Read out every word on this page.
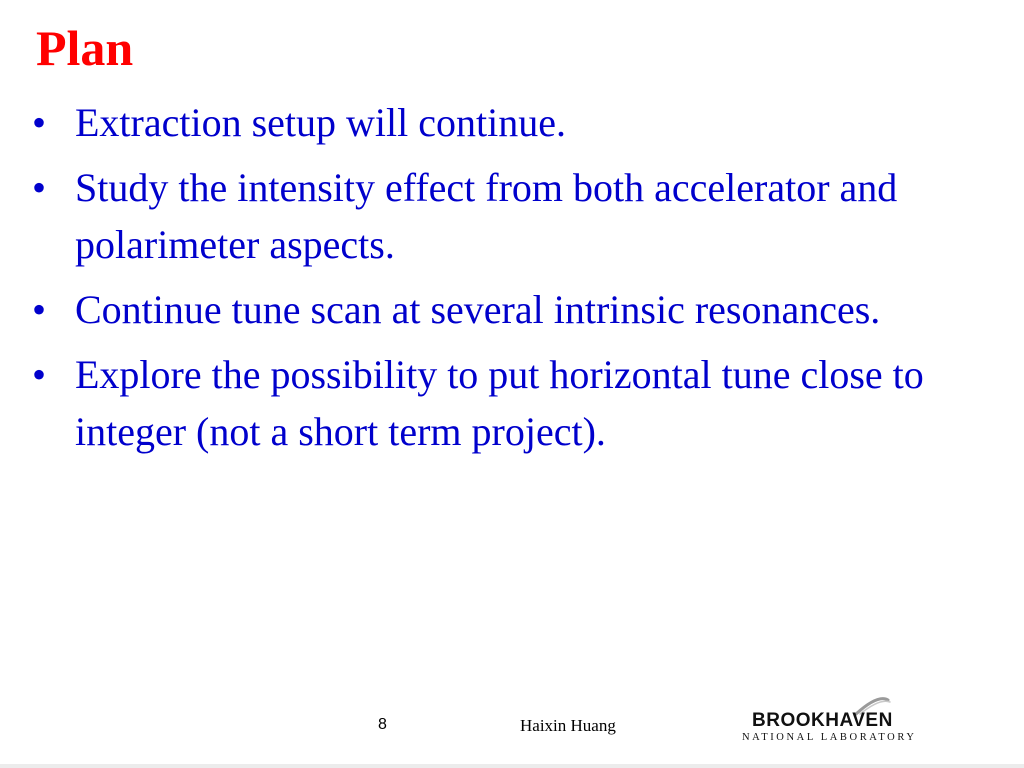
Plan
• Extraction setup will continue.
• Study the intensity effect from both accelerator and polarimeter aspects.
• Continue tune scan at several intrinsic resonances.
• Explore the possibility to put horizontal tune close to integer (not a short term project).
8	Haixin Huang	BROOKHAVEN
NATIONAL LABORATORY
